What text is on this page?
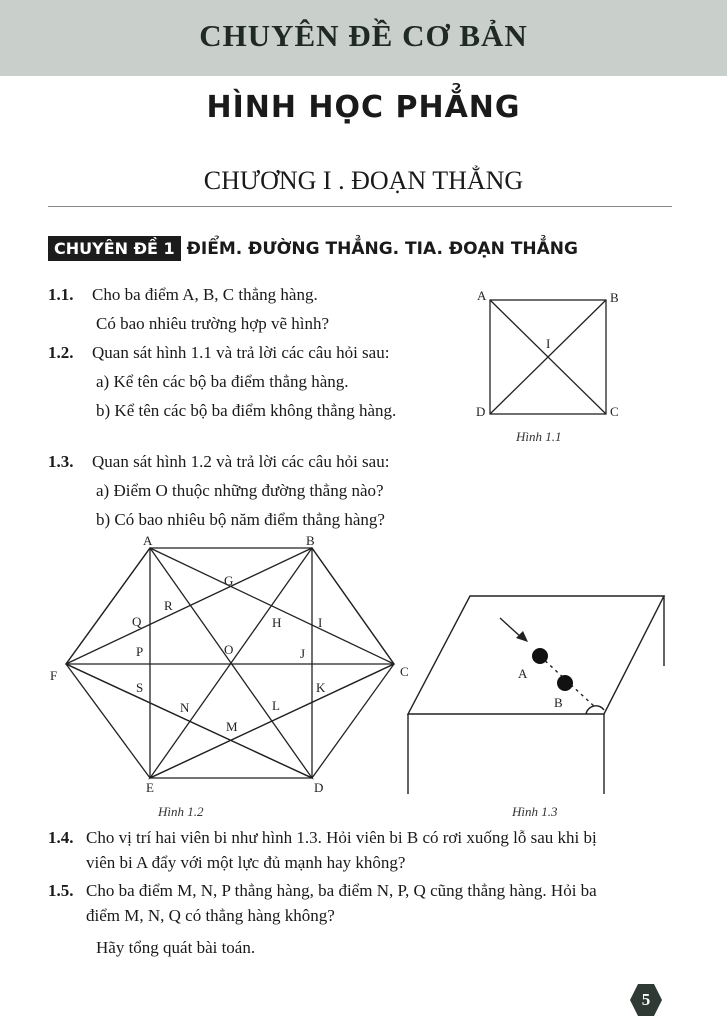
CHUYÊN ĐỀ CƠ BẢN
HÌNH HỌC PHẲNG
CHƯƠNG I . ĐOẠN THẲNG
CHUYÊN ĐỀ 1 ĐIỂM. ĐƯỜNG THẲNG. TIA. ĐOẠN THẲNG
1.1. Cho ba điểm A, B, C thẳng hàng.
Có bao nhiêu trường hợp vẽ hình?
1.2. Quan sát hình 1.1 và trả lời các câu hỏi sau:
a) Kể tên các bộ ba điểm thẳng hàng.
b) Kể tên các bộ ba điểm không thẳng hàng.
A	B
C
D
I
Hình 1.1
1.3. Quan sát hình 1.2 và trả lời các câu hỏi sau:
a) Điểm O thuộc những đường thẳng nào?
b) Có bao nhiêu bộ năm điểm thẳng hàng?
A	B
C
D
E
F
G
H	I
J
K
L
M
N
O
P
Q
R
S
Hình 1.2
A
B
Hình 1.3
1.4. Cho vị trí hai viên bi như hình 1.3. Hỏi viên bi B có rơi xuống lỗ sau khi bị
viên bi A đẩy với một lực đủ mạnh hay không?
1.5. Cho ba điểm M, N, P thẳng hàng, ba điểm N, P, Q cũng thẳng hàng. Hỏi ba
điểm M, N, Q có thẳng hàng không?
Hãy tổng quát bài toán.
5
